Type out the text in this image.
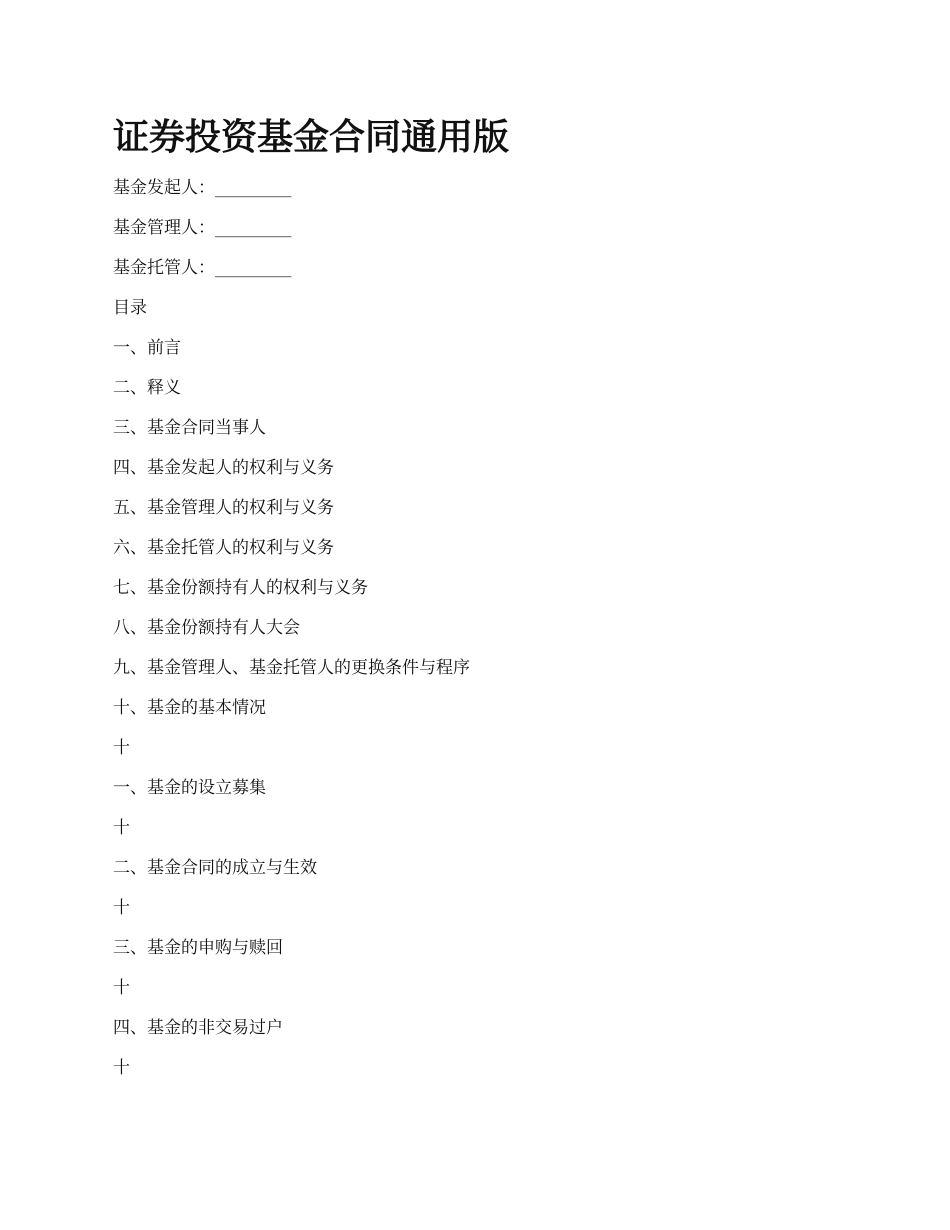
证券投资基金合同通用版
基金发起人：_________
基金管理人：_________
基金托管人：_________
目录
一、前言
二、释义
三、基金合同当事人
四、基金发起人的权利与义务
五、基金管理人的权利与义务
六、基金托管人的权利与义务
七、基金份额持有人的权利与义务
八、基金份额持有人大会
九、基金管理人、基金托管人的更换条件与程序
十、基金的基本情况
十
一、基金的设立募集
十
二、基金合同的成立与生效
十
三、基金的申购与赎回
十
四、基金的非交易过户
十
